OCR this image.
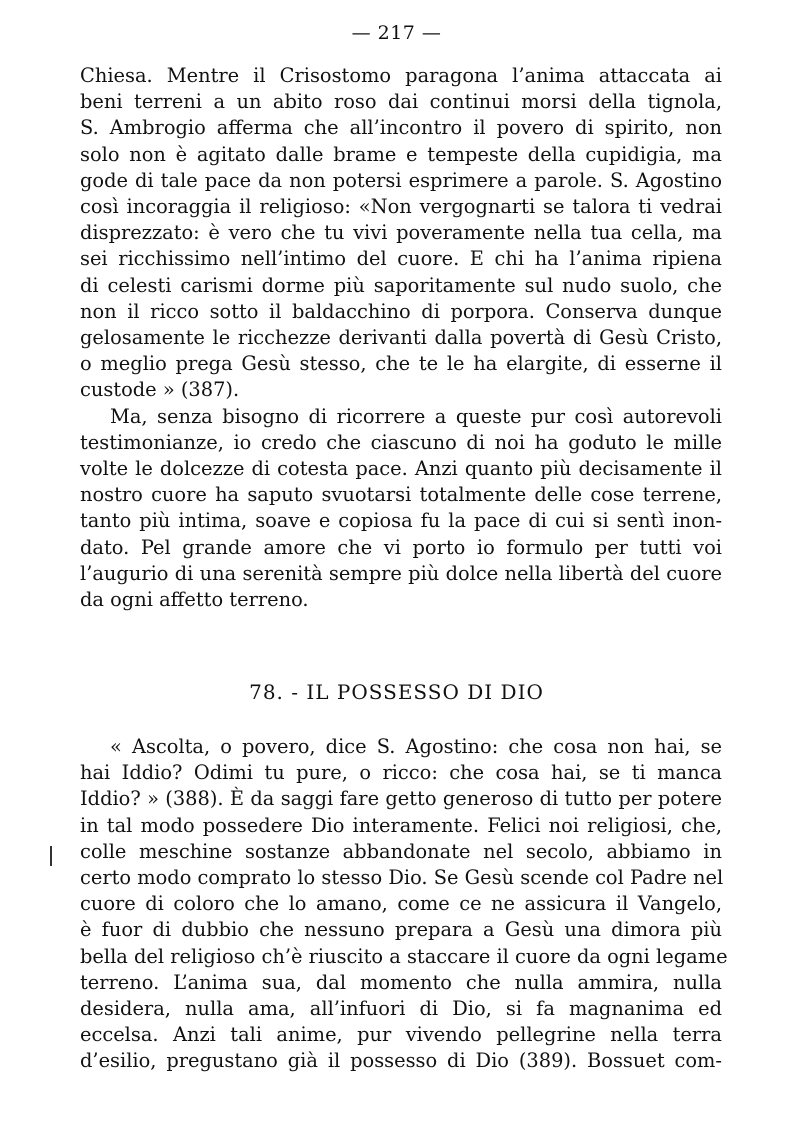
— 217 —
Chiesa. Mentre il Crisostomo paragona l’anima attaccata ai
beni terreni a un abito roso dai continui morsi della tignola,
S. Ambrogio afferma che all’incontro il povero di spirito, non
solo non è agitato dalle brame e tempeste della cupidigia, ma
gode di tale pace da non potersi esprimere a parole. S. Agostino
così incoraggia il religioso: «Non vergognarti se talora ti vedrai
disprezzato: è vero che tu vivi poveramente nella tua cella, ma
sei ricchissimo nell’intimo del cuore. E chi ha l’anima ripiena
di celesti carismi dorme più saporitamente sul nudo suolo, che
non il ricco sotto il baldacchino di porpora. Conserva dunque
gelosamente le ricchezze derivanti dalla povertà di Gesù Cristo,
o meglio prega Gesù stesso, che te le ha elargite, di esserne il
custode » (387).
Ma, senza bisogno di ricorrere a queste pur così autorevoli
testimonianze, io credo che ciascuno di noi ha goduto le mille
volte le dolcezze di cotesta pace. Anzi quanto più decisamente il
nostro cuore ha saputo svuotarsi totalmente delle cose terrene,
tanto più intima, soave e copiosa fu la pace di cui si sentì inon-
dato. Pel grande amore che vi porto io formulo per tutti voi
l’augurio di una serenità sempre più dolce nella libertà del cuore
da ogni affetto terreno.
78. - IL POSSESSO DI DIO
« Ascolta, o povero, dice S. Agostino: che cosa non hai, se
hai Iddio? Odimi tu pure, o ricco: che cosa hai, se ti manca
Iddio? » (388). È da saggi fare getto generoso di tutto per potere
in tal modo possedere Dio interamente. Felici noi religiosi, che,
colle meschine sostanze abbandonate nel secolo, abbiamo in
certo modo comprato lo stesso Dio. Se Gesù scende col Padre nel
cuore di coloro che lo amano, come ce ne assicura il Vangelo,
è fuor di dubbio che nessuno prepara a Gesù una dimora più
bella del religioso ch’è riuscito a staccare il cuore da ogni legame
terreno. L’anima sua, dal momento che nulla ammira, nulla
desidera, nulla ama, all’infuori di Dio, si fa magnanima ed
eccelsa. Anzi tali anime, pur vivendo pellegrine nella terra
d’esilio, pregustano già il possesso di Dio (389). Bossuet com-
